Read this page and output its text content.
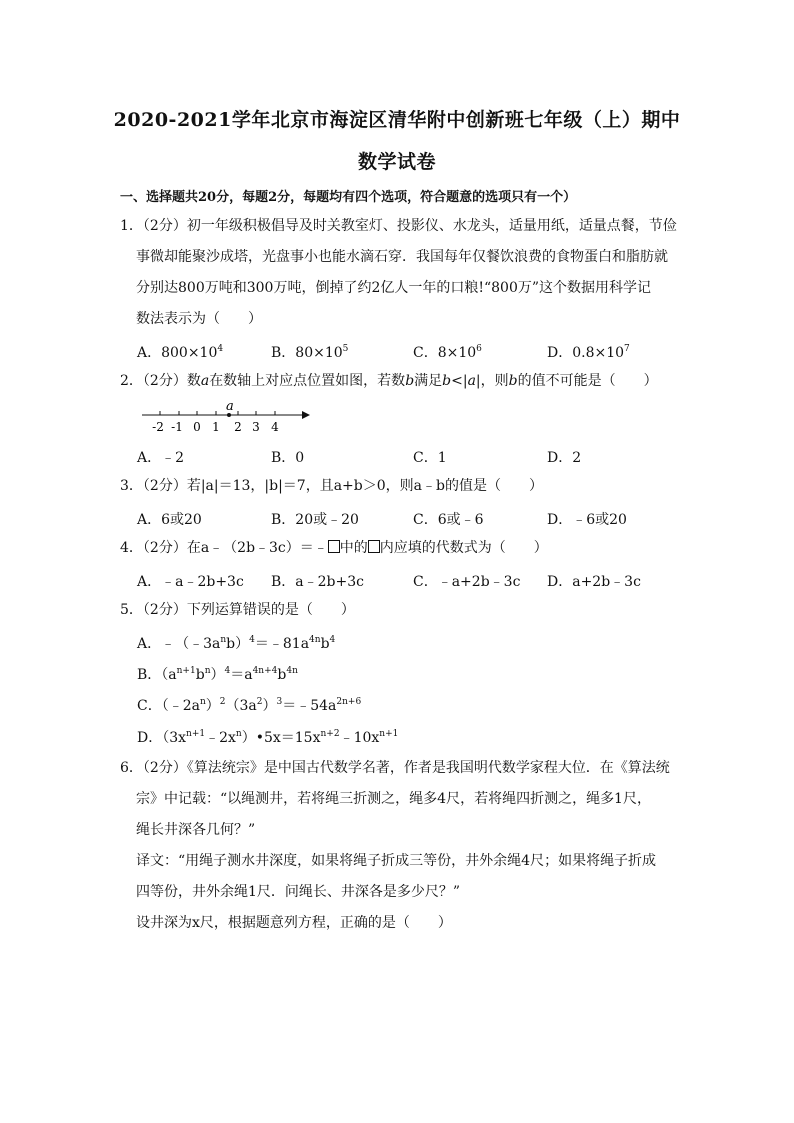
2020-2021学年北京市海淀区清华附中创新班七年级（上）期中
数学试卷
一、选择题共20分，每题2分，每题均有四个选项，符合题意的选项只有一个）
1．（2分）初一年级积极倡导及时关教室灯、投影仪、水龙头，适量用纸，适量点餐，节俭
事微却能聚沙成塔，光盘事小也能水滴石穿．我国每年仅餐饮浪费的食物蛋白和脂肪就
分别达800万吨和300万吨，倒掉了约2亿人一年的口粮!“800万”这个数据用科学记
数法表示为（　　）
A．$800\times 10^4$	B．$80\times 10^5$	C．$8\times 10^6$	D．$0.8\times 10^7$
2．（2分）数a在数轴上对应点位置如图，若数b满足b<|a|，则b的值不可能是（　　）
a
-2 -1 0 1 2 3 4
A．﹣2	B．0	C．1	D．2
3．（2分）若|a|＝13，|b|＝7，且a+b＞0，则a﹣b的值是（　　）
A．6或20	B．20或﹣20	C．6或﹣6	D．﹣6或20
4．（2分）在a﹣（2b﹣3c）＝﹣ 中的 内应填的代数式为（　　）
A．﹣a﹣2b+3c B．a﹣2b+3c	C．﹣a+2b﹣3c D．a+2b﹣3c
5．（2分）下列运算错误的是（　　）
A．$﹣(﹣3a^nb)^4=﹣81a^{4n}b^4$
B．$(a^{n+1}b^n)^4=a^{4n+4}b^{4n}$
C．$(﹣2a^n)^2(3a^2)^3=﹣54a^{2n+6}$
D．$(3x^{n+1}﹣2x^n)•5x=15x^{n+2}﹣10x^{n+1}$
6．（2分）《算法统宗》是中国古代数学名著，作者是我国明代数学家程大位．在《算法统
宗》中记载：“以绳测井，若将绳三折测之，绳多4尺，若将绳四折测之，绳多1尺，
绳长井深各几何？”
译文：“用绳子测水井深度，如果将绳子折成三等份，井外余绳4尺；如果将绳子折成
四等份，井外余绳1尺．问绳长、井深各是多少尺？”
设井深为x尺，根据题意列方程，正确的是（　　）
